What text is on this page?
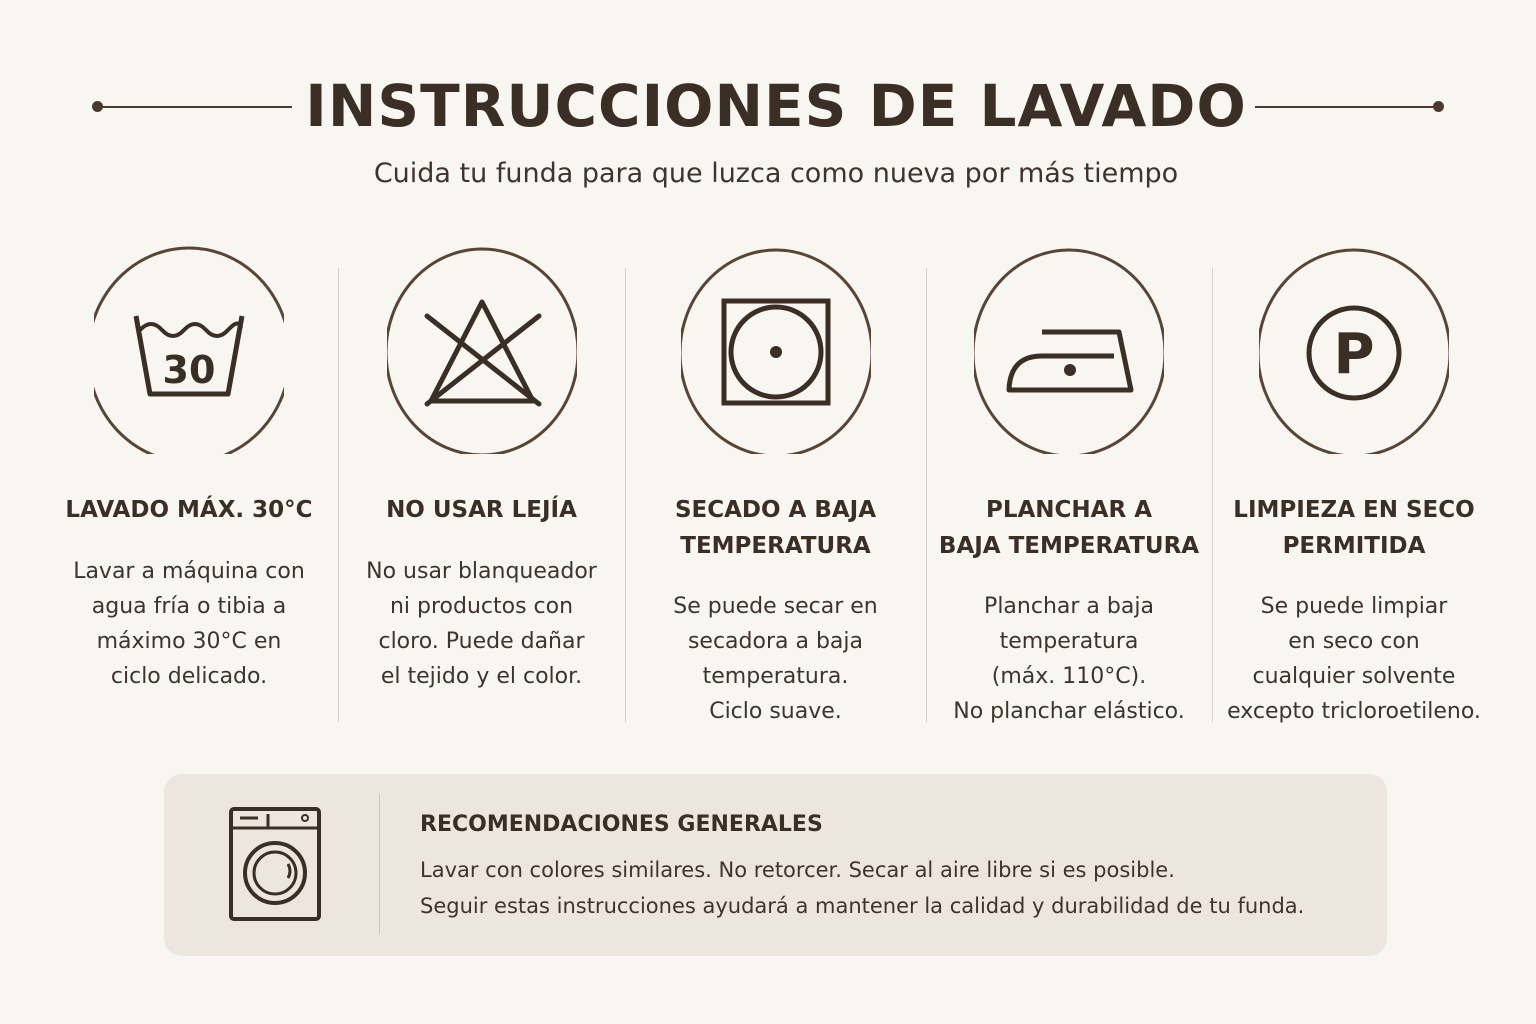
INSTRUCCIONES DE LAVADO

Cuida tu funda para que luzca como nueva por más tiempo

30

LAVADO MÁX. 30°C

Lavar a máquina con
agua fría o tibia a
máximo 30°C en
ciclo delicado.

NO USAR LEJÍA

No usar blanqueador
ni productos con
cloro. Puede dañar
el tejido y el color.

SECADO A BAJA
TEMPERATURA

Se puede secar en
secadora a baja
temperatura.
Ciclo suave.

PLANCHAR A
BAJA TEMPERATURA

Planchar a baja
temperatura
(máx. 110°C).
No planchar elástico.

P

LIMPIEZA EN SECO
PERMITIDA

Se puede limpiar
en seco con
cualquier solvente
excepto tricloroetileno.

RECOMENDACIONES GENERALES

Lavar con colores similares. No retorcer. Secar al aire libre si es posible.

Seguir estas instrucciones ayudará a mantener la calidad y durabilidad de tu funda.
